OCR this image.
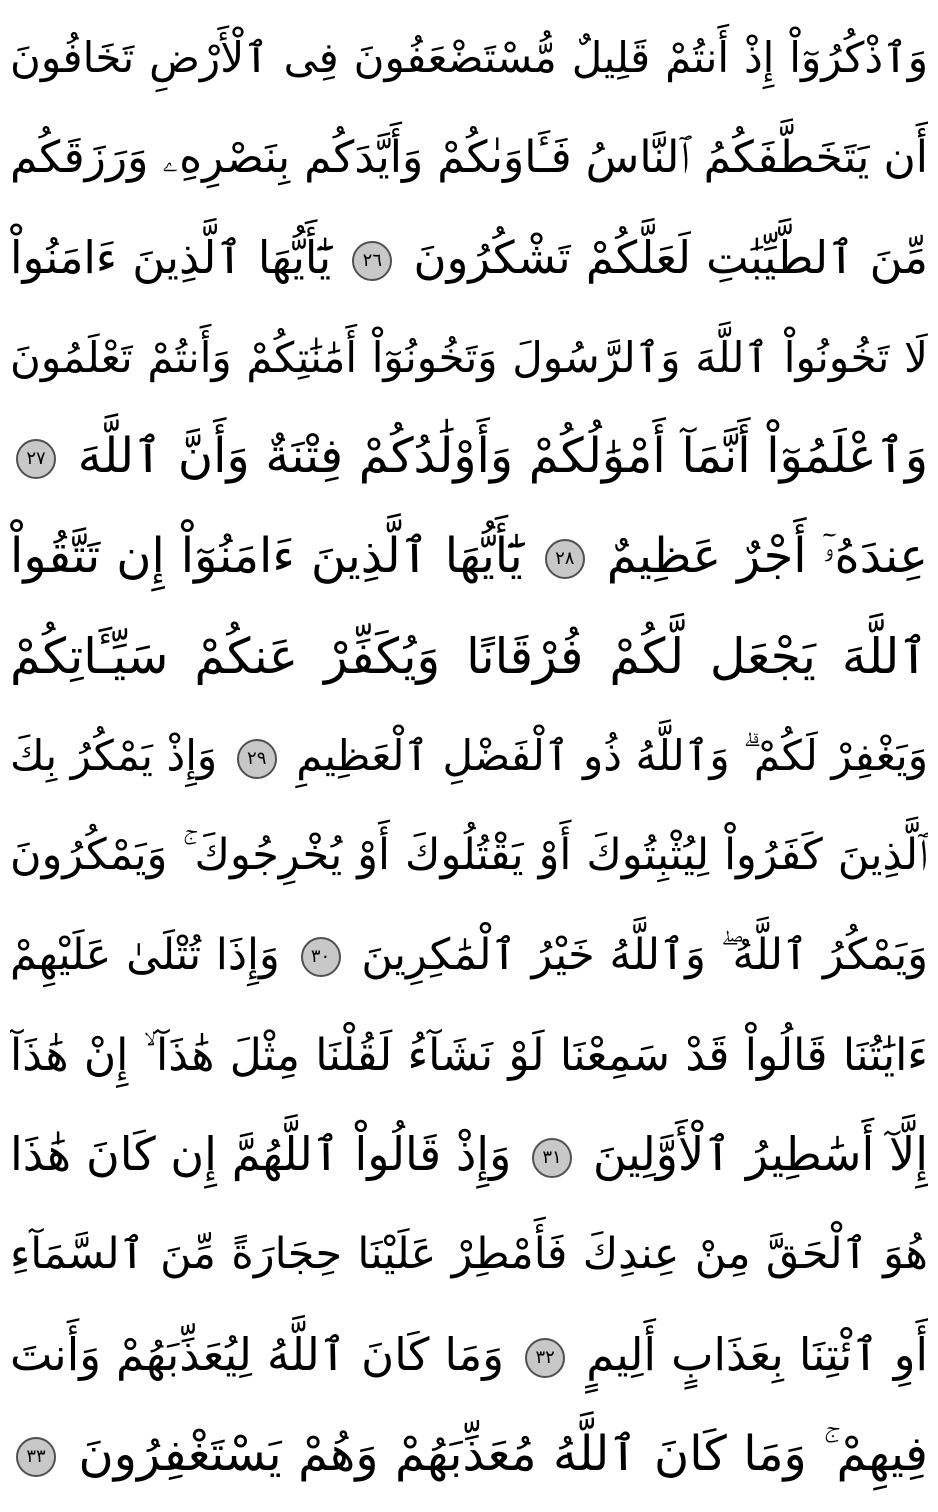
وَٱذْكُرُوٓاْ إِذْ أَنتُمْ قَلِيلٌ مُّسْتَضْعَفُونَ فِى ٱلْأَرْضِ تَخَافُونَ
أَن يَتَخَطَّفَكُمُ ٱلنَّاسُ فَـَٔاوَىٰكُمْ وَأَيَّدَكُم بِنَصْرِهِۦ وَرَزَقَكُم
مِّنَ ٱلطَّيِّبَٰتِ لَعَلَّكُمْ تَشْكُرُونَ ٢٦ يَٰٓأَيُّهَا ٱلَّذِينَ ءَامَنُواْ
لَا تَخُونُواْ ٱللَّهَ وَٱلرَّسُولَ وَتَخُونُوٓاْ أَمَٰنَٰتِكُمْ وَأَنتُمْ تَعْلَمُونَ
وَٱعْلَمُوٓاْ أَنَّمَآ أَمْوَٰلُكُمْ وَأَوْلَٰدُكُمْ فِتْنَةٌ وَأَنَّ ٱللَّهَ ٢٧
عِندَهُۥٓ أَجْرٌ عَظِيمٌ ٢٨ يَٰٓأَيُّهَا ٱلَّذِينَ ءَامَنُوٓاْ إِن تَتَّقُواْ
ٱللَّهَ يَجْعَل لَّكُمْ فُرْقَانًا وَيُكَفِّرْ عَنكُمْ سَيِّـَٔاتِكُمْ
وَيَغْفِرْ لَكُمْ ۗ وَٱللَّهُ ذُو ٱلْفَضْلِ ٱلْعَظِيمِ ٢٩ وَإِذْ يَمْكُرُ بِكَ
ٱلَّذِينَ كَفَرُواْ لِيُثْبِتُوكَ أَوْ يَقْتُلُوكَ أَوْ يُخْرِجُوكَ ۚ وَيَمْكُرُونَ
وَيَمْكُرُ ٱللَّهُ ۖ وَٱللَّهُ خَيْرُ ٱلْمَٰكِرِينَ ٣٠ وَإِذَا تُتْلَىٰ عَلَيْهِمْ
ءَايَٰتُنَا قَالُواْ قَدْ سَمِعْنَا لَوْ نَشَآءُ لَقُلْنَا مِثْلَ هَٰذَآ ۙ إِنْ هَٰذَآ
إِلَّآ أَسَٰطِيرُ ٱلْأَوَّلِينَ ٣١ وَإِذْ قَالُواْ ٱللَّهُمَّ إِن كَانَ هَٰذَا
هُوَ ٱلْحَقَّ مِنْ عِندِكَ فَأَمْطِرْ عَلَيْنَا حِجَارَةً مِّنَ ٱلسَّمَآءِ
أَوِ ٱئْتِنَا بِعَذَابٍ أَلِيمٍ ٣٢ وَمَا كَانَ ٱللَّهُ لِيُعَذِّبَهُمْ وَأَنتَ
فِيهِمْ ۚ وَمَا كَانَ ٱللَّهُ مُعَذِّبَهُمْ وَهُمْ يَسْتَغْفِرُونَ ٣٣
